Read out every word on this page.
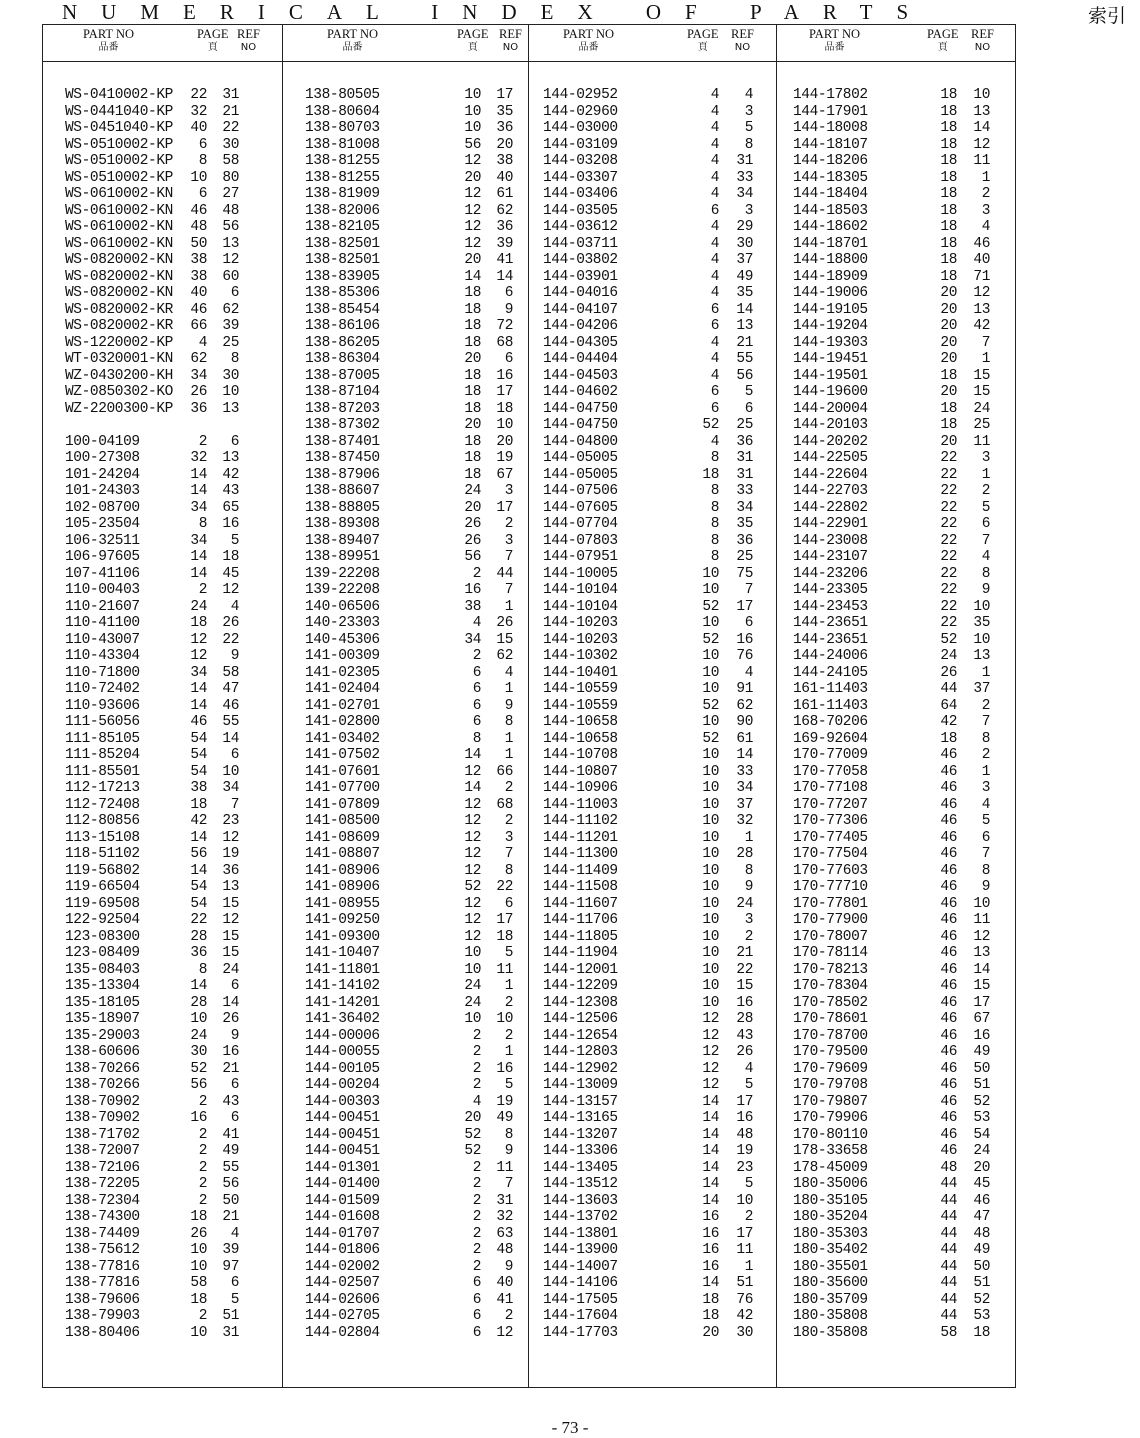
NUMERICAL INDEX OF PARTS	索引
PART NO
品番
PAGE
頁
REF
NO
WS-0410002-KP	22	31
WS-0441040-KP	32	21
WS-0451040-KP	40	22
WS-0510002-KP	6	30
WS-0510002-KP	8	58
WS-0510002-KP	10	80
WS-0610002-KN	6	27
WS-0610002-KN	46	48
WS-0610002-KN	48	56
WS-0610002-KN	50	13
WS-0820002-KN	38	12
WS-0820002-KN	38	60
WS-0820002-KN	40	6
WS-0820002-KR	46	62
WS-0820002-KR	66	39
WS-1220002-KP	4	25
WT-0320001-KN	62	8
WZ-0430200-KH	34	30
WZ-0850302-KO	26	10
WZ-2200300-KP	36	13
100-04109	2	6
100-27308	32	13
101-24204	14	42
101-24303	14	43
102-08700	34	65
105-23504	8	16
106-32511	34	5
106-97605	14	18
107-41106	14	45
110-00403	2	12
110-21607	24	4
110-41100	18	26
110-43007	12	22
110-43304	12	9
110-71800	34	58
110-72402	14	47
110-93606	14	46
111-56056	46	55
111-85105	54	14
111-85204	54	6
111-85501	54	10
112-17213	38	34
112-72408	18	7
112-80856	42	23
113-15108	14	12
118-51102	56	19
119-56802	14	36
119-66504	54	13
119-69508	54	15
122-92504	22	12
123-08300	28	15
123-08409	36	15
135-08403	8	24
135-13304	14	6
135-18105	28	14
135-18907	10	26
135-29003	24	9
138-60606	30	16
138-70266	52	21
138-70266	56	6
138-70902	2	43
138-70902	16	6
138-71702	2	41
138-72007	2	49
138-72106	2	55
138-72205	2	56
138-72304	2	50
138-74300	18	21
138-74409	26	4
138-75612	10	39
138-77816	10	97
138-77816	58	6
138-79606	18	5
138-79903	2	51
138-80406	10	31
PART NO
品番
PAGE
頁
REF
NO
138-80505	10	17
138-80604	10	35
138-80703	10	36
138-81008	56	20
138-81255	12	38
138-81255	20	40
138-81909	12	61
138-82006	12	62
138-82105	12	36
138-82501	12	39
138-82501	20	41
138-83905	14	14
138-85306	18	6
138-85454	18	9
138-86106	18	72
138-86205	18	68
138-86304	20	6
138-87005	18	16
138-87104	18	17
138-87203	18	18
138-87302	20	10
138-87401	18	20
138-87450	18	19
138-87906	18	67
138-88607	24	3
138-88805	20	17
138-89308	26	2
138-89407	26	3
138-89951	56	7
139-22208	2	44
139-22208	16	7
140-06506	38	1
140-23303	4	26
140-45306	34	15
141-00309	2	62
141-02305	6	4
141-02404	6	1
141-02701	6	9
141-02800	6	8
141-03402	8	1
141-07502	14	1
141-07601	12	66
141-07700	14	2
141-07809	12	68
141-08500	12	2
141-08609	12	3
141-08807	12	7
141-08906	12	8
141-08906	52	22
141-08955	12	6
141-09250	12	17
141-09300	12	18
141-10407	10	5
141-11801	10	11
141-14102	24	1
141-14201	24	2
141-36402	10	10
144-00006	2	2
144-00055	2	1
144-00105	2	16
144-00204	2	5
144-00303	4	19
144-00451	20	49
144-00451	52	8
144-00451	52	9
144-01301	2	11
144-01400	2	7
144-01509	2	31
144-01608	2	32
144-01707	2	63
144-01806	2	48
144-02002	2	9
144-02507	6	40
144-02606	6	41
144-02705	6	2
144-02804	6	12
PART NO
品番
PAGE
頁
REF
NO
144-02952	4	4
144-02960	4	3
144-03000	4	5
144-03109	4	8
144-03208	4	31
144-03307	4	33
144-03406	4	34
144-03505	6	3
144-03612	4	29
144-03711	4	30
144-03802	4	37
144-03901	4	49
144-04016	4	35
144-04107	6	14
144-04206	6	13
144-04305	4	21
144-04404	4	55
144-04503	4	56
144-04602	6	5
144-04750	6	6
144-04750	52	25
144-04800	4	36
144-05005	8	31
144-05005	18	31
144-07506	8	33
144-07605	8	34
144-07704	8	35
144-07803	8	36
144-07951	8	25
144-10005	10	75
144-10104	10	7
144-10104	52	17
144-10203	10	6
144-10203	52	16
144-10302	10	76
144-10401	10	4
144-10559	10	91
144-10559	52	62
144-10658	10	90
144-10658	52	61
144-10708	10	14
144-10807	10	33
144-10906	10	34
144-11003	10	37
144-11102	10	32
144-11201	10	1
144-11300	10	28
144-11409	10	8
144-11508	10	9
144-11607	10	24
144-11706	10	3
144-11805	10	2
144-11904	10	21
144-12001	10	22
144-12209	10	15
144-12308	10	16
144-12506	12	28
144-12654	12	43
144-12803	12	26
144-12902	12	4
144-13009	12	5
144-13157	14	17
144-13165	14	16
144-13207	14	48
144-13306	14	19
144-13405	14	23
144-13512	14	5
144-13603	14	10
144-13702	16	2
144-13801	16	17
144-13900	16	11
144-14007	16	1
144-14106	14	51
144-17505	18	76
144-17604	18	42
144-17703	20	30
PART NO
品番
PAGE
頁
REF
NO
144-17802	18	10
144-17901	18	13
144-18008	18	14
144-18107	18	12
144-18206	18	11
144-18305	18	1
144-18404	18	2
144-18503	18	3
144-18602	18	4
144-18701	18	46
144-18800	18	40
144-18909	18	71
144-19006	20	12
144-19105	20	13
144-19204	20	42
144-19303	20	7
144-19451	20	1
144-19501	18	15
144-19600	20	15
144-20004	18	24
144-20103	18	25
144-20202	20	11
144-22505	22	3
144-22604	22	1
144-22703	22	2
144-22802	22	5
144-22901	22	6
144-23008	22	7
144-23107	22	4
144-23206	22	8
144-23305	22	9
144-23453	22	10
144-23651	22	35
144-23651	52	10
144-24006	24	13
144-24105	26	1
161-11403	44	37
161-11403	64	2
168-70206	42	7
169-92604	18	8
170-77009	46	2
170-77058	46	1
170-77108	46	3
170-77207	46	4
170-77306	46	5
170-77405	46	6
170-77504	46	7
170-77603	46	8
170-77710	46	9
170-77801	46	10
170-77900	46	11
170-78007	46	12
170-78114	46	13
170-78213	46	14
170-78304	46	15
170-78502	46	17
170-78601	46	67
170-78700	46	16
170-79500	46	49
170-79609	46	50
170-79708	46	51
170-79807	46	52
170-79906	46	53
170-80110	46	54
178-33658	46	24
178-45009	48	20
180-35006	44	45
180-35105	44	46
180-35204	44	47
180-35303	44	48
180-35402	44	49
180-35501	44	50
180-35600	44	51
180-35709	44	52
180-35808	44	53
180-35808	58	18
- 73 -
